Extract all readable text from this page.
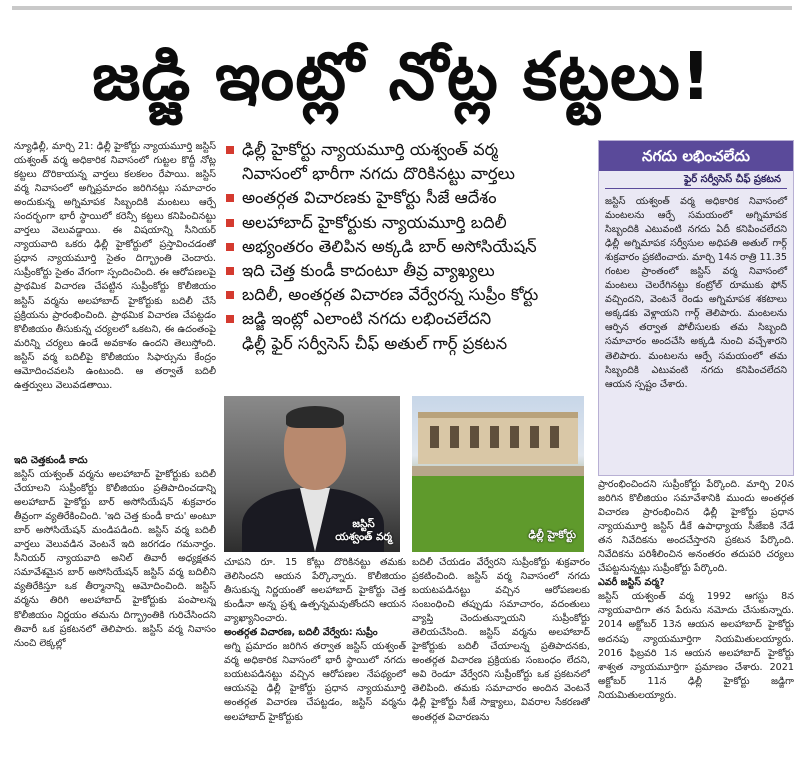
జడ్జి ఇంట్లో నోట్ల కట్టలు!

న్యూఢిల్లీ, మార్చి 21: ఢిల్లీ హైకోర్టు న్యాయమూర్తి జస్టిస్ యశ్వంత్ వర్మ అధికారిక నివాసంలో గుట్టల కొద్దీ నోట్ల కట్టలు దొరికాయన్న వార్తలు కలకలం రేపాయి. జస్టిస్ వర్మ నివాసంలో అగ్నిప్రమాదం జరిగినట్లు సమాచారం అందుకున్న అగ్నిమాపక సిబ్బందికి మంటలు ఆర్పే సందర్భంగా భారీ స్థాయిలో కరెన్సీ కట్టలు కనిపించినట్టు వార్తలు వెలువడ్డాయి. ఈ విషయాన్ని సీనియర్ న్యాయవాది ఒకరు ఢిల్లీ హైకోర్టులో ప్రస్తావించడంతో ప్రధాన న్యాయమూర్తి సైతం దిగ్భ్రాంతి చెందారు. సుప్రీంకోర్టు సైతం వేగంగా స్పందించింది. ఈ ఆరోపణలపై ప్రాథమిక విచారణ చేపట్టిన సుప్రీంకోర్టు కొలీజియం జస్టిస్ వర్మను అలహాబాద్ హైకోర్టుకు బదిలీ చేసే ప్రక్రియను ప్రారంభించింది. ప్రాథమిక విచారణ చేపట్టడం కొలీజియం తీసుకున్న చర్యలలో ఒకటని, ఈ ఉదంతంపై మరిన్ని చర్యలు ఉండే అవకాశం ఉందని తెలుస్తోంది. జస్టిస్ వర్మ బదిలీపై కొలీజియం సిఫార్సును కేంద్రం ఆమోదించవలసి ఉంటుంది. ఆ తర్వాతే బదిలీ ఉత్తర్వులు వెలువడతాయి.

ఇది చెత్తకుండీ కాదు

జస్టిస్ యశ్వంత్ వర్మను అలహాబాద్ హైకోర్టుకు బదిలీ చేయాలని సుప్రీంకోర్టు కొలీజియం ప్రతిపాదించడాన్ని అలహాబాద్ హైకోర్టు బార్ అసోసియేషన్ శుక్రవారం తీవ్రంగా వ్యతిరేకించింది. 'ఇది చెత్త కుండీ కాదు' అంటూ బార్ అసోసియేషన్ మండిపడింది. జస్టిస్ వర్మ బదిలీ వార్తలు వెలువడిన వెంటనే ఇది జరగడం గమనార్హం. సీనియర్ న్యాయవాది అనిల్ తివారీ అధ్యక్షతన సమావేశమైన బార్ అసోసియేషన్ జస్టిస్ వర్మ బదిలీని వ్యతిరేకిస్తూ ఒక తీర్మానాన్ని ఆమోదించింది. జస్టిస్ వర్మను తిరిగి అలహాబాద్ హైకోర్టుకు పంపాలన్న కొలీజియం నిర్ణయం తమను దిగ్భ్రాంతికి గురిచేసిందని తివారీ ఒక ప్రకటనలో తెలిపారు. జస్టిస్ వర్మ నివాసం నుంచి లెక్కల్లో

ఢిల్లీ హైకోర్టు న్యాయమూర్తి యశ్వంత్ వర్మ
నివాసంలో భారీగా నగదు దొరికినట్టు వార్తలు
అంతర్గత విచారణకు హైకోర్టు సీజే ఆదేశం
అలహాబాద్ హైకోర్టుకు న్యాయమూర్తి బదిలీ
అభ్యంతరం తెలిపిన అక్కడి బార్ అసోసియేషన్
ఇది చెత్త కుండీ కాదంటూ తీవ్ర వ్యాఖ్యలు
బదిలీ, అంతర్గత విచారణ వేర్వేరన్న సుప్రీం కోర్టు
జడ్జి ఇంట్లో ఎలాంటి నగదు లభించలేదని
ఢిల్లీ ఫైర్ సర్వీసెస్ చీఫ్ అతుల్ గార్గ్ ప్రకటన
జస్టిస్
యశ్వంత్ వర్మ	ఢిల్లీ హైకోర్టు

చూపని రూ. 15 కోట్లు దొరికినట్టు తమకు తెలిసిందని ఆయన పేర్కొన్నారు. కొలీజియం తీసుకున్న నిర్ణయంతో అలహాబాద్ హైకోర్టు చెత్త కుండీనా అన్న ప్రశ్న ఉత్పన్నమవుతోందని ఆయన వ్యాఖ్యానించారు.

అంతర్గత విచారణ, బదిలీ వేర్వేరు: సుప్రీం

అగ్ని ప్రమాదం జరిగిన తర్వాత జస్టిస్ యశ్వంత్ వర్మ అధికారిక నివాసంలో భారీ స్థాయిలో నగదు బయటపడినట్టు వచ్చిన ఆరోపణల నేపథ్యంలో ఆయనపై ఢిల్లీ హైకోర్టు ప్రధాన న్యాయమూర్తి అంతర్గత విచారణ చేపట్టడం, జస్టిస్ వర్మను అలహాబాద్ హైకోర్టుకు

బదిలీ చేయడం వేర్వేరని సుప్రీంకోర్టు శుక్రవారం ప్రకటించింది. జస్టిస్ వర్మ నివాసంలో నగదు బయటపడినట్టు వచ్చిన ఆరోపణలకు సంబంధించి తప్పుడు సమాచారం, వదంతులు వ్యాప్తి చెందుతున్నాయని సుప్రీంకోర్టు తెలియచేసింది. జస్టిస్ వర్మను అలహాబాద్ హైకోర్టుకు బదిలీ చేయాలన్న ప్రతిపాదనకు, అంతర్గత విచారణ ప్రక్రియకు సంబంధం లేదని, అవి రెండూ వేర్వేరని సుప్రీంకోర్టు ఒక ప్రకటనలో తెలిపింది. తమకు సమాచారం అందిన వెంటనే ఢిల్లీ హైకోర్టు సీజే సాక్ష్యాలు, వివరాల సేకరణతో అంతర్గత విచారణను

నగదు లభించలేదు
ఫైర్ సర్వీసెస్ చీఫ్ ప్రకటన

జస్టిస్ యశ్వంత్ వర్మ అధికారిక నివాసంలో మంటలను ఆర్పే సమయంలో అగ్నిమాపక సిబ్బందికి ఎటువంటి నగదు ఏదీ కనిపించలేదని ఢిల్లీ అగ్నిమాపక సర్వీసుల అధిపతి అతుల్ గార్గ్ శుక్రవారం ప్రకటించారు. మార్చి 14న రాత్రి 11.35 గంటల ప్రాంతంలో జస్టిస్ వర్మ నివాసంలో మంటలు చెలరేగినట్టు కంట్రోల్ రూముకు ఫోన్ వచ్చిందని, వెంటనే రెండు అగ్నిమాపక శకటాలు అక్కడకు వెళ్లాయని గార్గ్ తెలిపారు. మంటలను ఆర్పిన తర్వాత పోలీసులకు తమ సిబ్బంది సమాచారం అందచేసి అక్కడి నుంచి వచ్చేశారని తెలిపారు. మంటలను ఆర్పే సమయంలో తమ సిబ్బందికి ఎటువంటి నగదు కనిపించలేదని ఆయన స్పష్టం చేశారు.

ప్రారంభించిందని సుప్రీంకోర్టు పేర్కొంది. మార్చి 20న జరిగిన కొలీజియం సమావేశానికి ముందు అంతర్గత విచారణ ప్రారంభించిన ఢిల్లీ హైకోర్టు ప్రధాన న్యాయమూర్తి జస్టిస్ డీకే ఉపాధ్యాయ సీజేఐకి నేడే తన నివేదికను అందచేస్తారని ప్రకటన పేర్కొంది. నివేదికను పరిశీలించిన అనంతరం తదుపరి చర్యలు చేపట్టనున్నట్లు సుప్రీంకోర్టు పేర్కొంది.

ఎవరీ జస్టిస్ వర్మ?

జస్టిస్ యశ్వంత్ వర్మ 1992 ఆగస్టు 8న న్యాయవాదిగా తన పేరును నమోదు చేసుకున్నారు. 2014 అక్టోబర్ 13న ఆయన అలహాబాద్ హైకోర్టు అదనపు న్యాయమూర్తిగా నియమితులయ్యారు. 2016 ఫిబ్రవరి 1న ఆయన అలహాబాద్ హైకోర్టు శాశ్వత న్యాయమూర్తిగా ప్రమాణం చేశారు. 2021 అక్టోబర్ 11న ఢిల్లీ హైకోర్టు జడ్జిగా నియమితులయ్యారు.
